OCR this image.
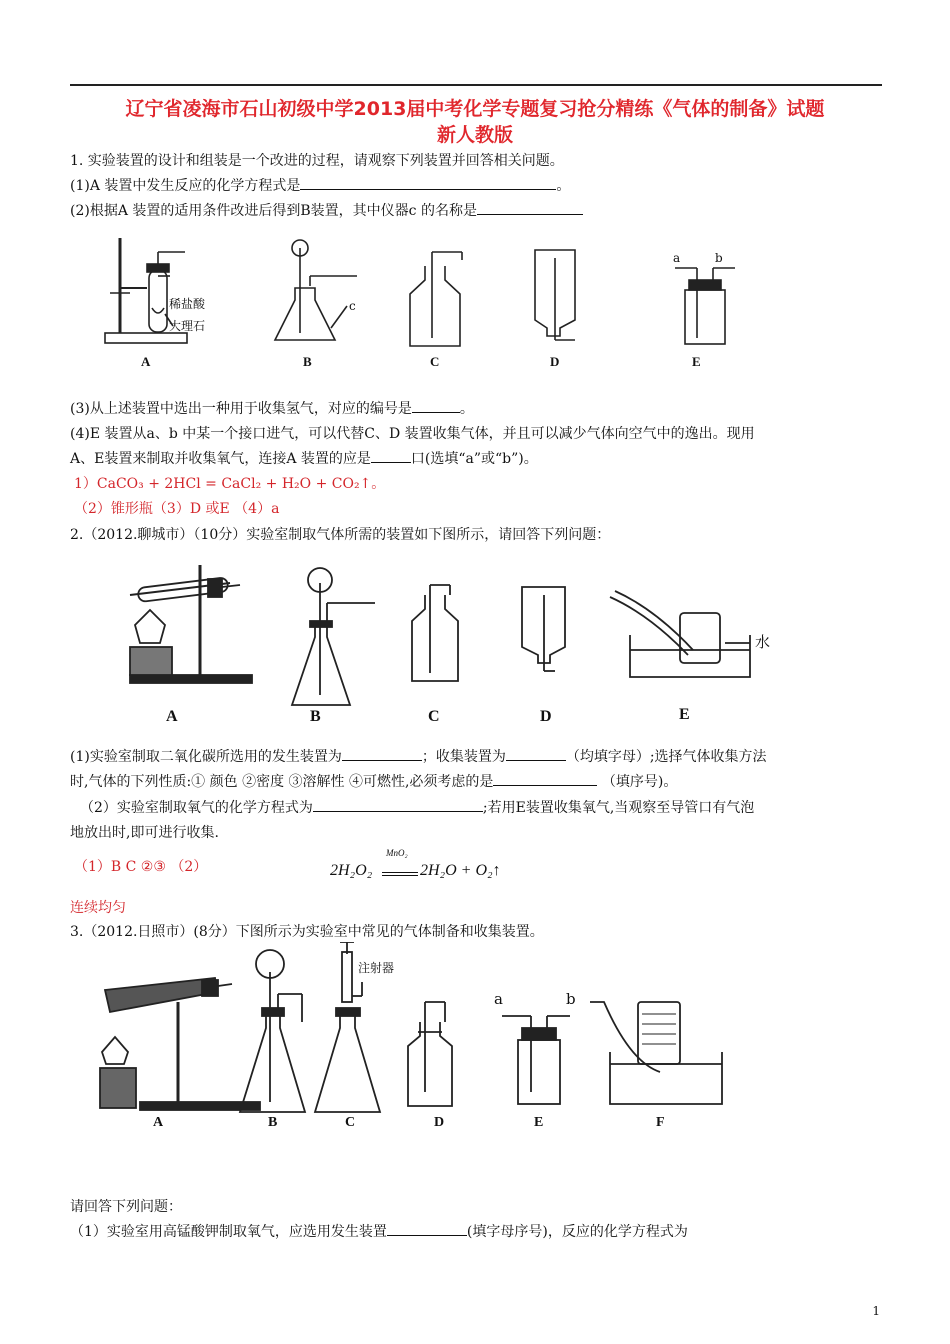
辽宁省凌海市石山初级中学2013届中考化学专题复习抢分精练《气体的制备》试题
新人教版
1. 实验装置的设计和组装是一个改进的过程，请观察下列装置并回答相关问题。
(1)A 装置中发生反应的化学方程式是	。
(2)根据A 装置的适用条件改进后得到B装置，其中仪器c 的名称是
稀盐酸
大理石
c
a	b
A	B	C	D	E
(3)从上述装置中选出一种用于收集氢气，对应的编号是	。
(4)E 装置从a、b 中某一个接口进气，可以代替C、D 装置收集气体，并且可以减少气体向空气中的逸出。现用
A、E装置来制取并收集氧气，连接A 装置的应是	口(选填“a”或“b”)。
1）CaCO₃ + 2HCl = CaCl₂ + H₂O + CO₂↑。
（2）锥形瓶（3）D 或E （4）a
2.（2012.聊城市）（10分）实验室制取气体所需的装置如下图所示，请回答下列问题：
水
A	B	C	D	E
(1)实验室制取二氧化碳所选用的发生装置为	；收集装置为	（均填字母）;选择气体收集方法
时,气体的下列性质:① 颜色 ②密度 ③溶解性 ④可燃性,必须考虑的是	（填序号)。
（2）实验室制取氧气的化学方程式为	;若用E装置收集氧气,当观察至导管口有气泡
地放出时,即可进行收集.
（1）B C ②③ （2）
MnO₂
2H₂O₂	2H₂O + O₂↑
连续均匀
3.（2012.日照市）(8分）下图所示为实验室中常见的气体制备和收集装置。
注射器
a	b
A	B	C	D	E	F
请回答下列问题：
（1）实验室用高锰酸钾制取氧气，应选用发生装置	(填字母序号)，反应的化学方程式为
1
